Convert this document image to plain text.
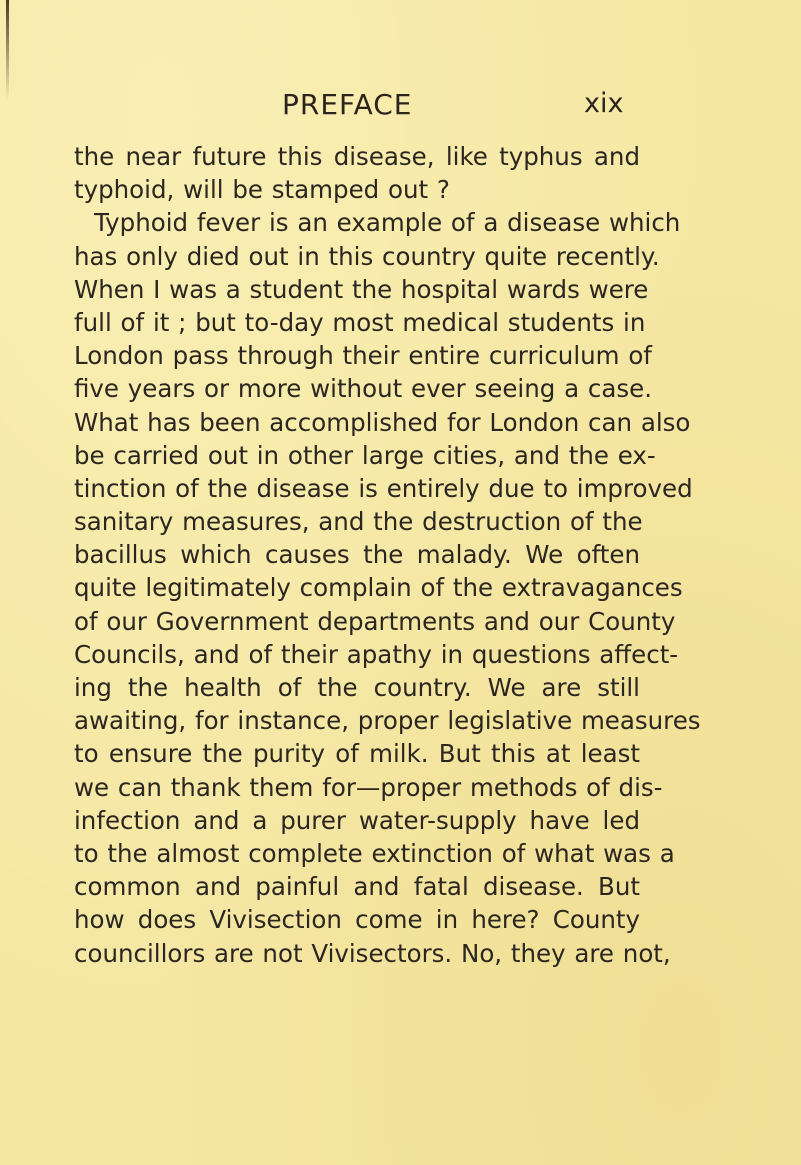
PREFACE	xix
the near future this disease, like typhus and
typhoid, will be stamped out ?
Typhoid fever is an example of a disease which
has only died out in this country quite recently.
When I was a student the hospital wards were
full of it ; but to-day most medical students in
London pass through their entire curriculum of
five years or more without ever seeing a case.
What has been accomplished for London can also
be carried out in other large cities, and the ex-
tinction of the disease is entirely due to improved
sanitary measures, and the destruction of the
bacillus which causes the malady. We often
quite legitimately complain of the extravagances
of our Government departments and our County
Councils, and of their apathy in questions affect-
ing the health of the country. We are still
awaiting, for instance, proper legislative measures
to ensure the purity of milk. But this at least
we can thank them for—proper methods of dis-
infection and a purer water-supply have led
to the almost complete extinction of what was a
common and painful and fatal disease. But
how does Vivisection come in here? County
councillors are not Vivisectors. No, they are not,
